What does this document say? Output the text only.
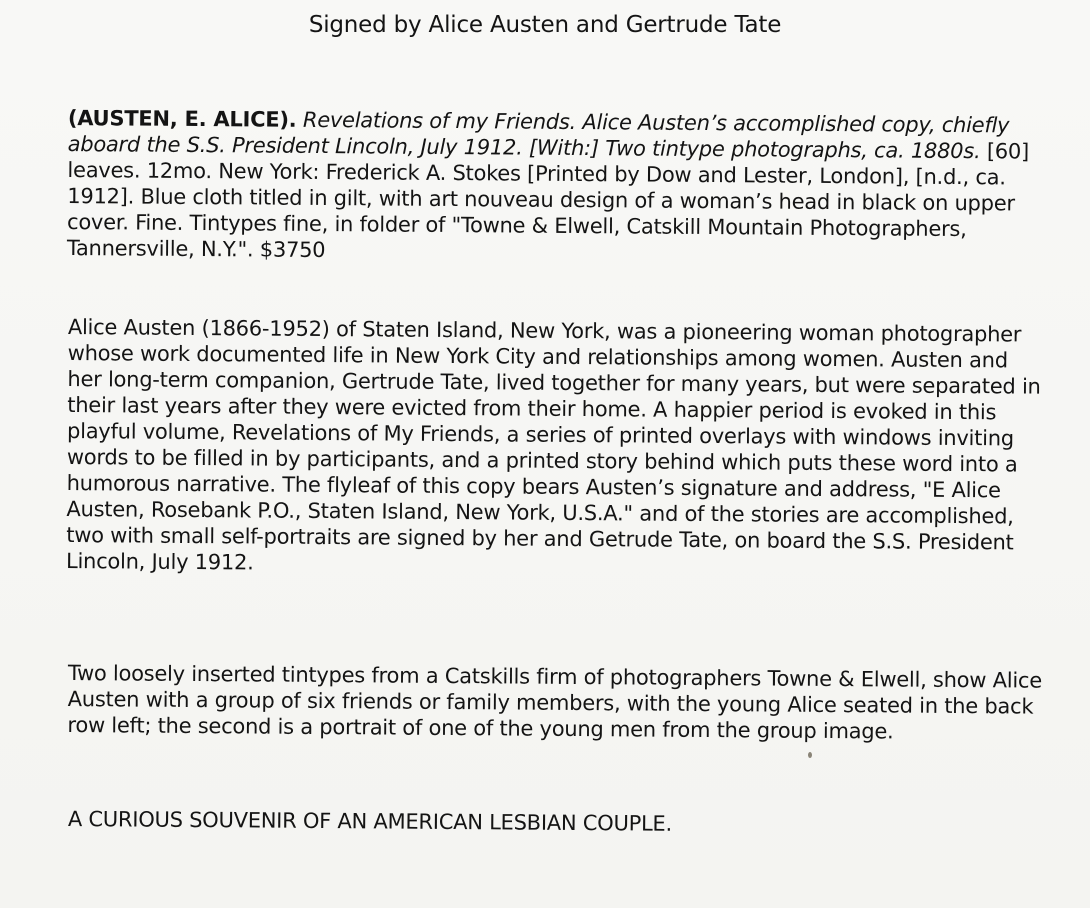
Signed by Alice Austen and Gertrude Tate
(AUSTEN, E. ALICE). Revelations of my Friends. Alice Austen’s accomplished copy, chiefly aboard the S.S. President Lincoln, July 1912. [With:] Two tintype photographs, ca. 1880s. [60] leaves. 12mo. New York: Frederick A. Stokes [Printed by Dow and Lester, London], [n.d., ca. 1912]. Blue cloth titled in gilt, with art nouveau design of a woman’s head in black on upper cover. Fine. Tintypes fine, in folder of "Towne & Elwell, Catskill Mountain Photographers, Tannersville, N.Y.". $3750
Alice Austen (1866-1952) of Staten Island, New York, was a pioneering woman photographer whose work documented life in New York City and relationships among women. Austen and her long-term companion, Gertrude Tate, lived together for many years, but were separated in their last years after they were evicted from their home. A happier period is evoked in this playful volume, Revelations of My Friends, a series of printed overlays with windows inviting words to be filled in by participants, and a printed story behind which puts these word into a humorous narrative. The flyleaf of this copy bears Austen’s signature and address, "E Alice Austen, Rosebank P.O., Staten Island, New York, U.S.A." and of the stories are accomplished, two with small self-portraits are signed by her and Getrude Tate, on board the S.S. President Lincoln, July 1912.
Two loosely inserted tintypes from a Catskills firm of photographers Towne & Elwell, show Alice Austen with a group of six friends or family members, with the young Alice seated in the back row left; the second is a portrait of one of the young men from the group image.
A CURIOUS SOUVENIR OF AN AMERICAN LESBIAN COUPLE.
